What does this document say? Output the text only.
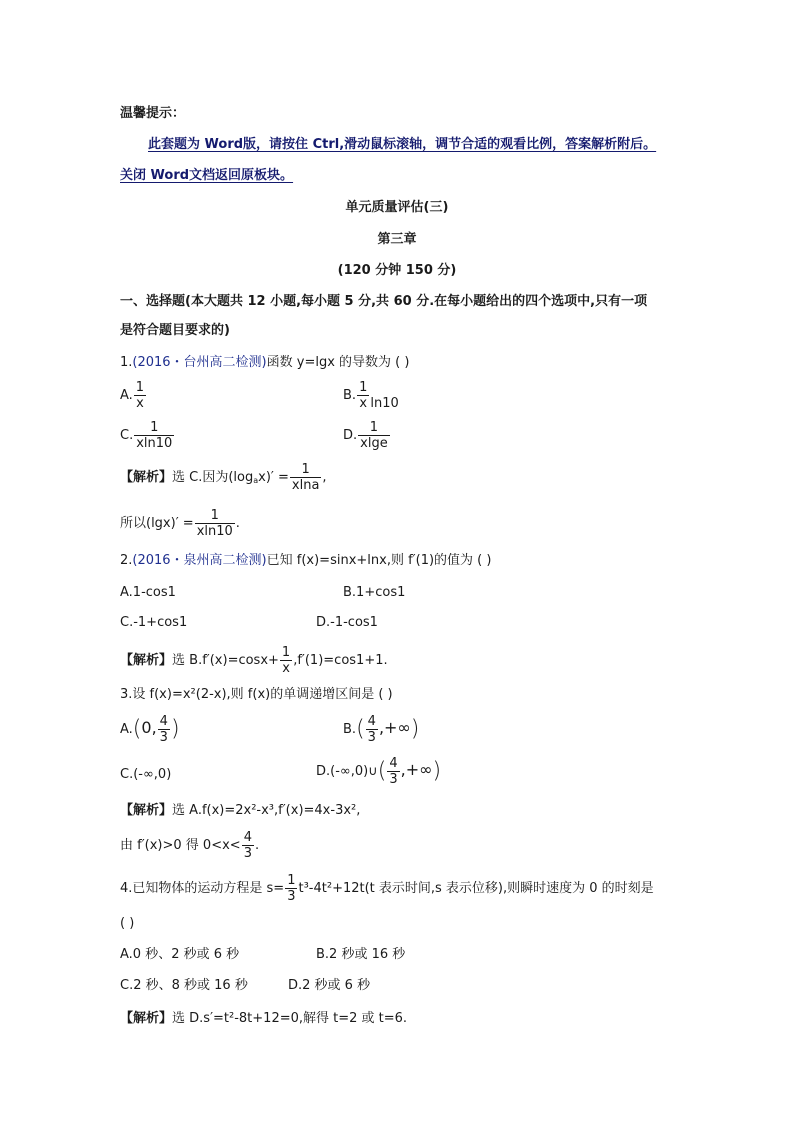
温馨提示：
此套题为 Word版，请按住 Ctrl,滑动鼠标滚轴，调节合适的观看比例，答案解析附后。
关闭 Word文档返回原板块。
单元质量评估(三)
第三章
(120 分钟 150 分)
一、选择题(本大题共 12 小题,每小题 5 分,共 60 分.在每小题给出的四个选项中,只有一项
是符合题目要求的)
1.(2016・台州高二检测)函数 y=lgx 的导数为 ( )
A. $\frac{1}{x}$	B. $\frac{1}{x} \ln 10$
C. $\frac{1}{xln10}$	D. $\frac{1}{xlge}$
【解析】选 C.因为$(\log_ax)' = \frac{1}{xlna}$ ,
所以$(\lg x)' = \frac{1}{xln10}$ .
2.(2016・泉州高二检测)已知 f(x)=sinx+lnx,则 f′(1)的值为 ( )
A.1-cos1	B.1+cos1
C.-1+cos1	D.-1-cos1
【解析】选 $B.f'(x)=\cos x+ \frac{1}{x} ,f'(1)=\cos 1+1$.
3.设 f(x)=x²(2-x),则 f(x)的单调递增区间是 ( )
A.(0, $\frac{4}{3}$ )	$B.( \frac{4}{3}$ ,+∞)
C.(-∞,0)	D.(-∞,0)∪( $\frac{4}{3}$ ,+∞)
【解析】选 A.f(x)=2x²-x³,f′(x)=4x-3x²,
由 f′(x)>0 得 $0<x< \frac{4}{3}$ .
4.已知物体的运动方程是 $s= \frac{1}{3} t^3-4t^2+12t(t$ 表示时间,s 表示位移),则瞬时速度为 0 的时刻是
( )
A.0 秒、2 秒或 6 秒	B.2 秒或 16 秒
C.2 秒、8 秒或 16 秒	D.2 秒或 6 秒
【解析】选 D.s′=t²-8t+12=0,解得 t=2 或 t=6.
